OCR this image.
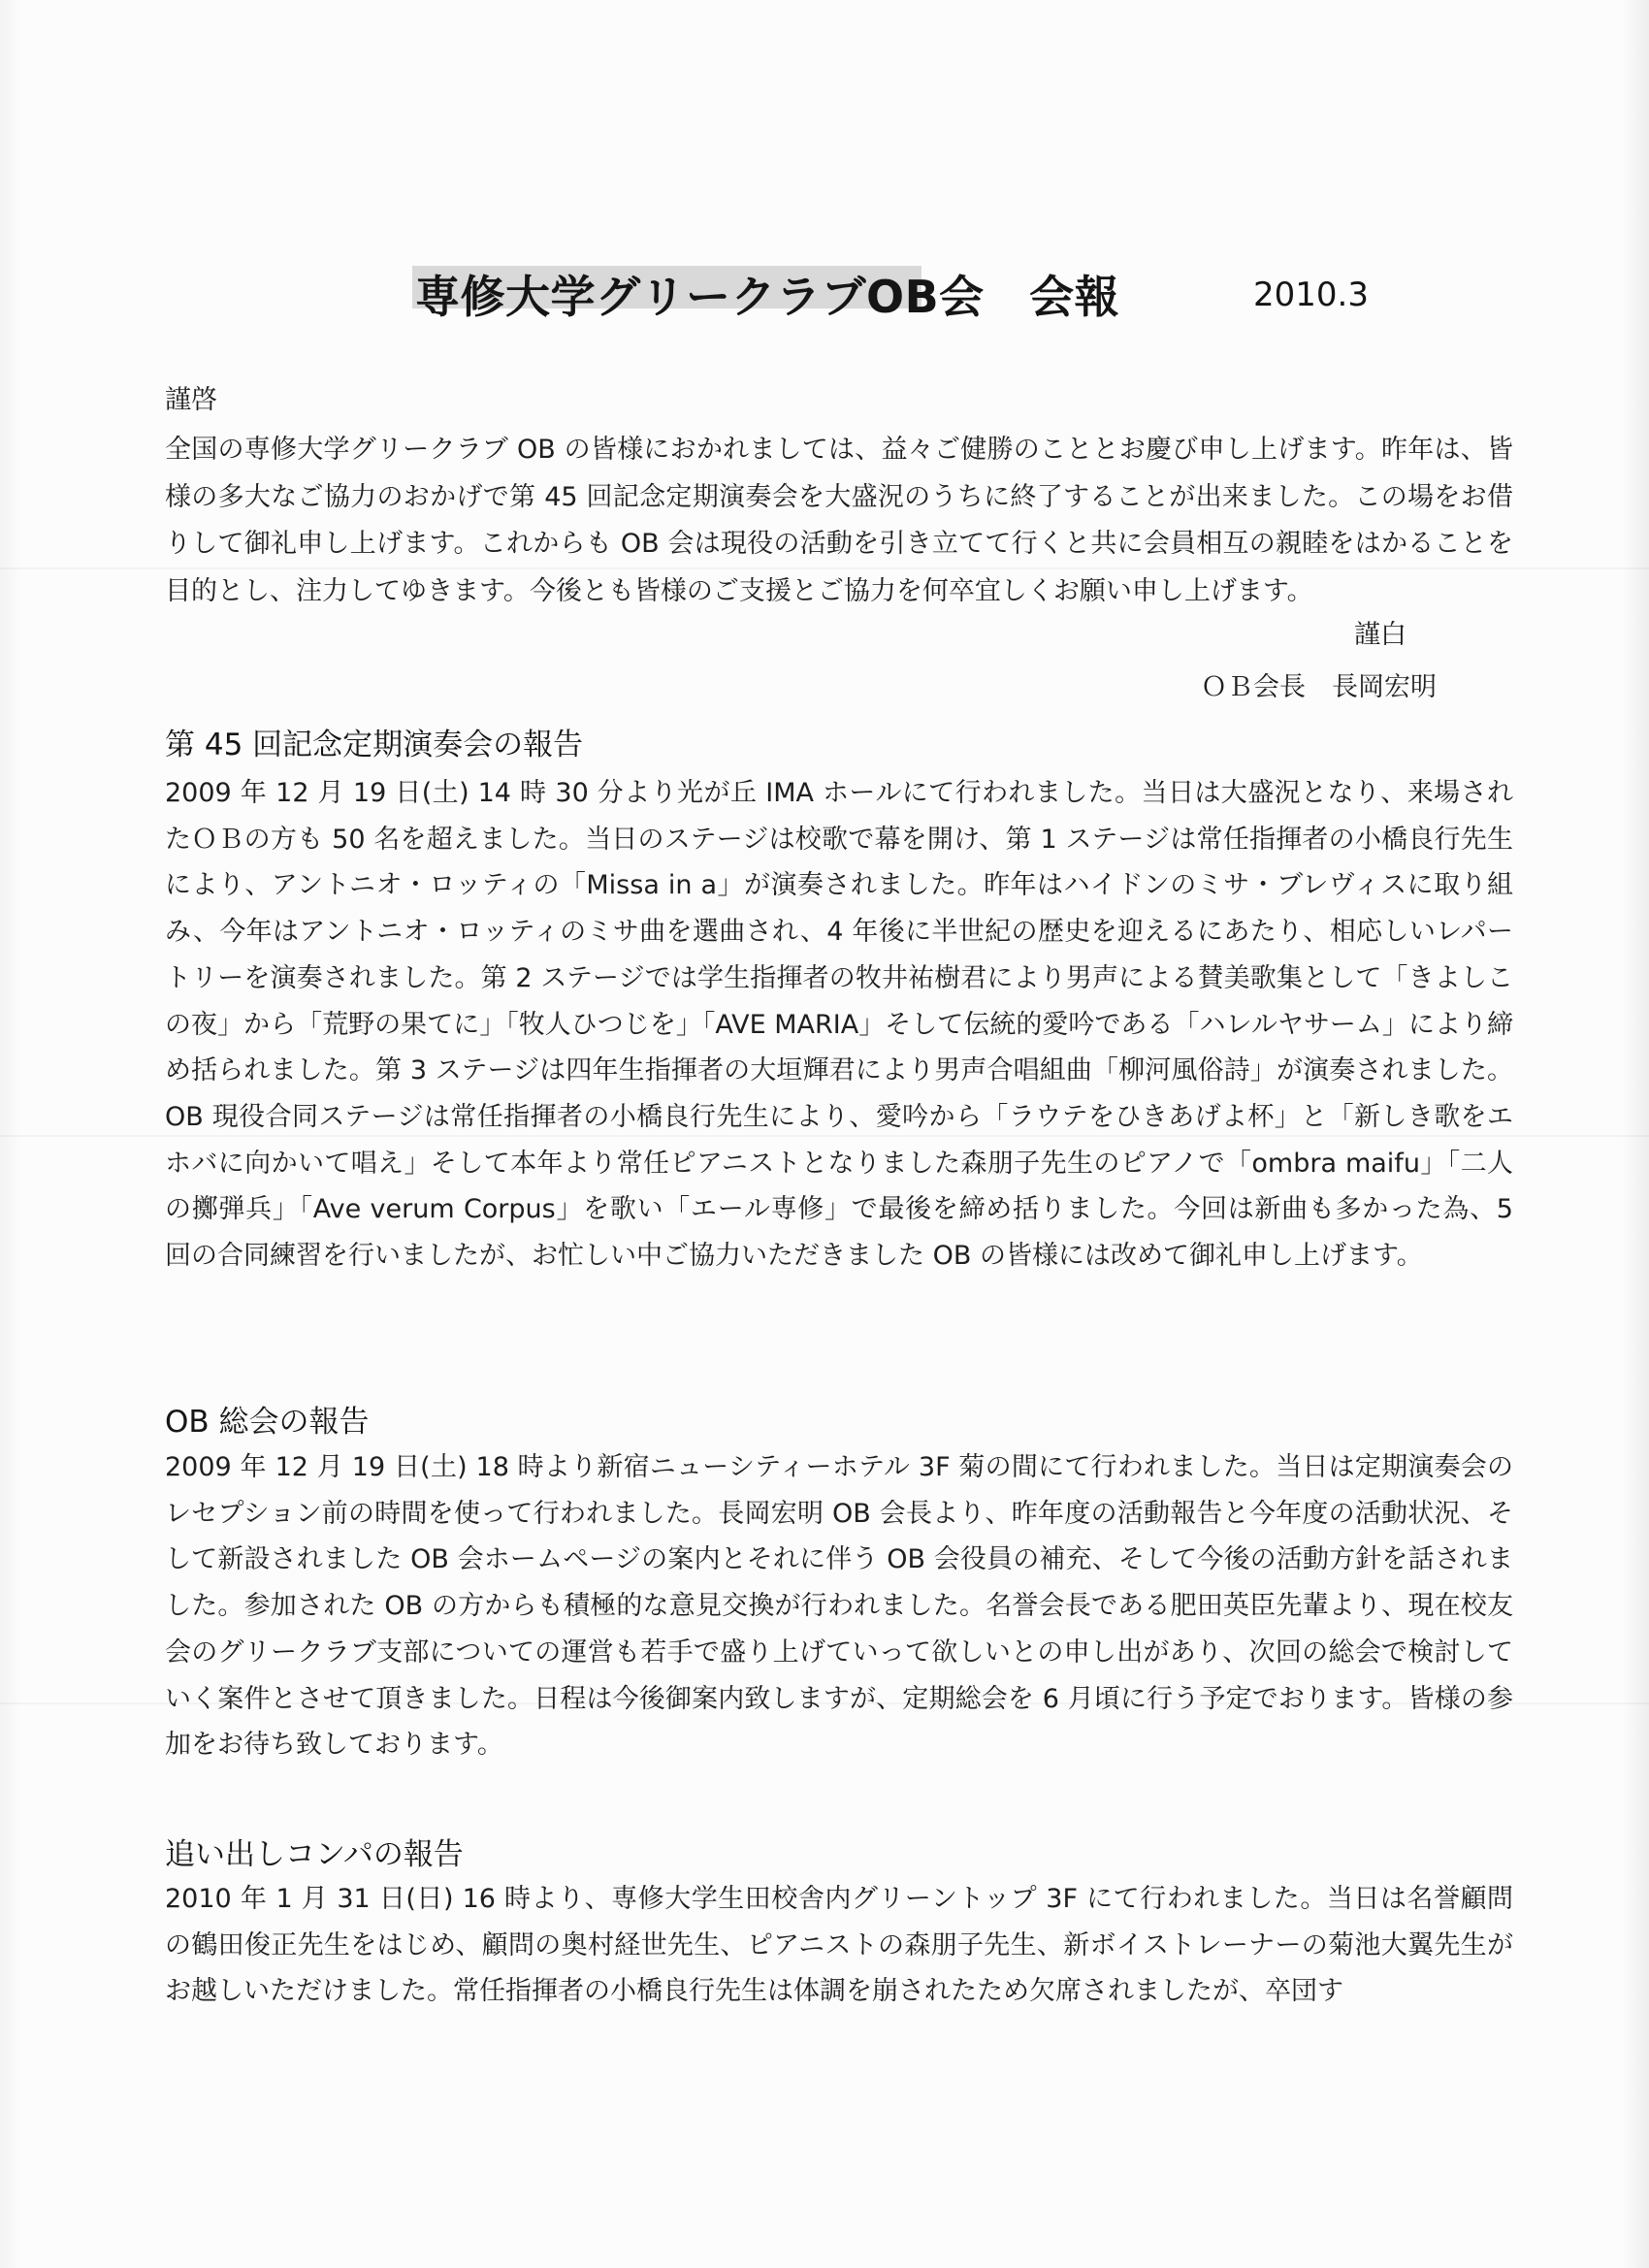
専修大学グリークラブOB会　会報	2010.3
謹啓
全国の専修大学グリークラブ OB の皆様におかれましては、益々ご健勝のこととお慶び申し上げます。昨年は、皆様の多大なご協力のおかげで第 45 回記念定期演奏会を大盛況のうちに終了することが出来ました。この場をお借りして御礼申し上げます。これからも OB 会は現役の活動を引き立てて行くと共に会員相互の親睦をはかることを目的とし、注力してゆきます。今後とも皆様のご支援とご協力を何卒宜しくお願い申し上げます。
謹白
ＯＢ会長　長岡宏明
第 45 回記念定期演奏会の報告
2009 年 12 月 19 日(土) 14 時 30 分より光が丘 IMA ホールにて行われました。当日は大盛況となり、来場されたＯＢの方も 50 名を超えました。当日のステージは校歌で幕を開け、第 1 ステージは常任指揮者の小橋良行先生により、アントニオ・ロッティの「Missa in a」が演奏されました。昨年はハイドンのミサ・ブレヴィスに取り組み、今年はアントニオ・ロッティのミサ曲を選曲され、4 年後に半世紀の歴史を迎えるにあたり、相応しいレパートリーを演奏されました。第 2 ステージでは学生指揮者の牧井祐樹君により男声による賛美歌集として「きよしこの夜」から「荒野の果てに」「牧人ひつじを」「AVE MARIA」そして伝統的愛吟である「ハレルヤサーム」により締め括られました。第 3 ステージは四年生指揮者の大垣輝君により男声合唱組曲「柳河風俗詩」が演奏されました。OB 現役合同ステージは常任指揮者の小橋良行先生により、愛吟から「ラウテをひきあげよ杯」と「新しき歌をエホバに向かいて唱え」そして本年より常任ピアニストとなりました森朋子先生のピアノで「ombra maifu」「二人の擲弾兵」「Ave verum Corpus」を歌い「エール専修」で最後を締め括りました。今回は新曲も多かった為、5 回の合同練習を行いましたが、お忙しい中ご協力いただきました OB の皆様には改めて御礼申し上げます。
OB 総会の報告
2009 年 12 月 19 日(土) 18 時より新宿ニューシティーホテル 3F 菊の間にて行われました。当日は定期演奏会のレセプション前の時間を使って行われました。長岡宏明 OB 会長より、昨年度の活動報告と今年度の活動状況、そして新設されました OB 会ホームページの案内とそれに伴う OB 会役員の補充、そして今後の活動方針を話されました。参加された OB の方からも積極的な意見交換が行われました。名誉会長である肥田英臣先輩より、現在校友会のグリークラブ支部についての運営も若手で盛り上げていって欲しいとの申し出があり、次回の総会で検討していく案件とさせて頂きました。日程は今後御案内致しますが、定期総会を 6 月頃に行う予定でおります。皆様の参加をお待ち致しております。
追い出しコンパの報告
2010 年 1 月 31 日(日) 16 時より、専修大学生田校舎内グリーントップ 3F にて行われました。当日は名誉顧問の鶴田俊正先生をはじめ、顧問の奥村経世先生、ピアニストの森朋子先生、新ボイストレーナーの菊池大翼先生がお越しいただけました。常任指揮者の小橋良行先生は体調を崩されたため欠席されましたが、卒団す
